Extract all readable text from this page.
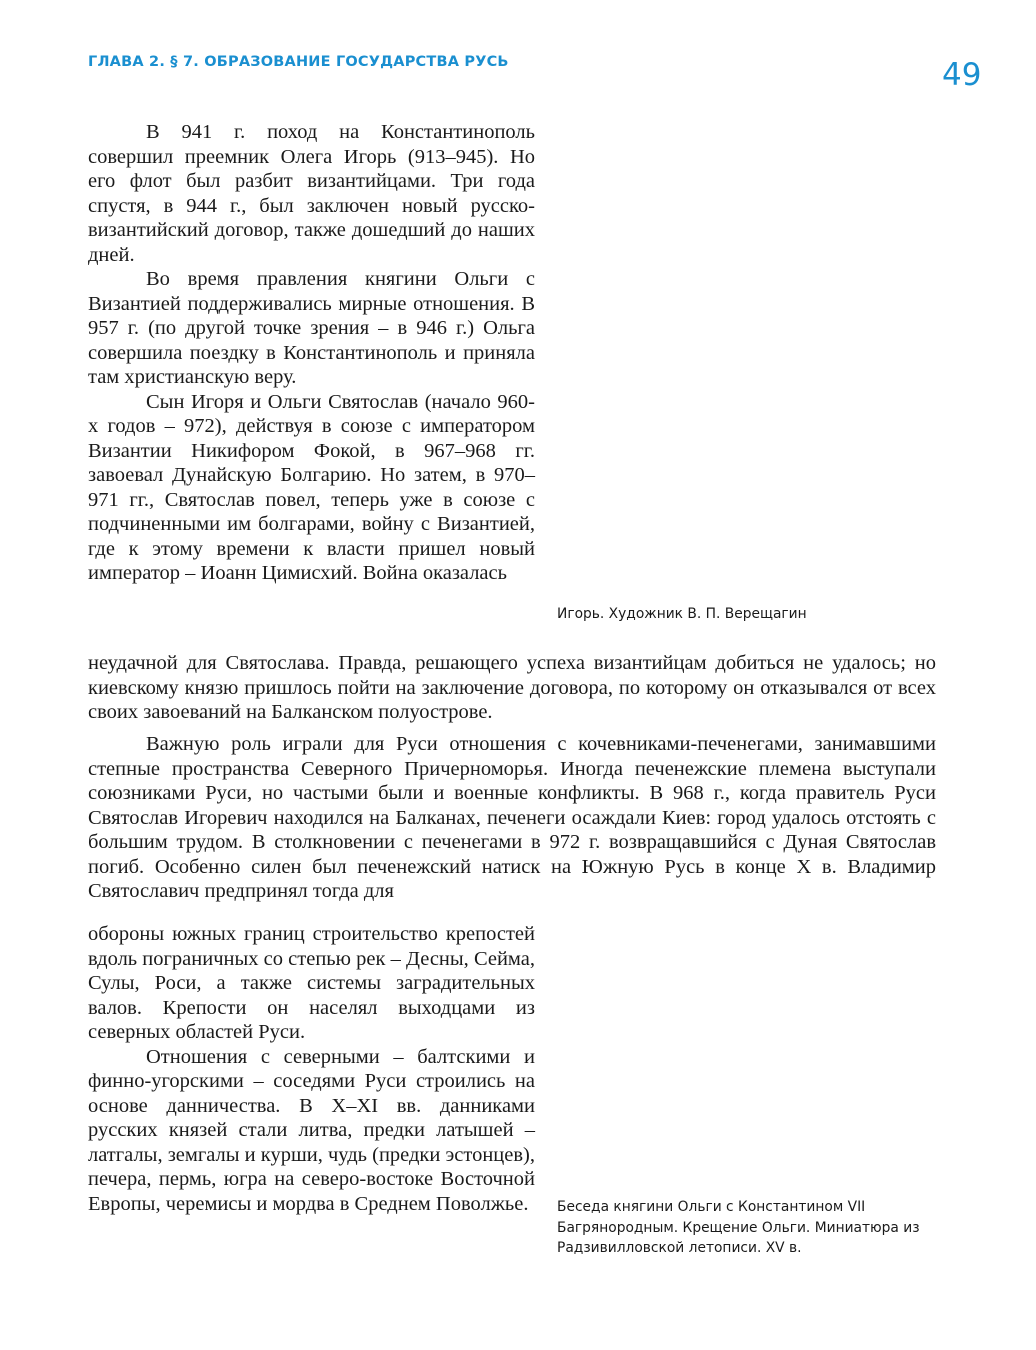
ГЛАВА 2. § 7. ОБРАЗОВАНИЕ ГОСУДАРСТВА РУСЬ	49

В 941 г. поход на Константинополь совершил преемник Олега Игорь (913–945). Но его флот был разбит византийцами. Три года спустя, в 944 г., был заключен новый русско-византийский договор, также дошедший до наших дней.

Во время правления княгини Ольги с Византией поддерживались мирные отношения. В 957 г. (по другой точке зрения – в 946 г.) Ольга совершила поездку в Константинополь и приняла там христианскую веру.

Сын Игоря и Ольги Святослав (начало 960-х годов – 972), действуя в союзе с императором Византии Никифором Фокой, в 967–968 гг. завоевал Дунайскую Болгарию. Но затем, в 970–971 гг., Святослав повел, теперь уже в союзе с подчиненными им болгарами, войну с Византией, где к этому времени к власти пришел новый император – Иоанн Цимисхий. Война оказалась

неудачной для Святослава. Правда, решающего успеха византийцам добиться не удалось; но киевскому князю пришлось пойти на заключение договора, по которому он отказывался от всех своих завоеваний на Балканском полуострове.

Важную роль играли для Руси отношения с кочевниками-печенегами, занимавшими степные пространства Северного Причерноморья. Иногда печенежские племена выступали союзниками Руси, но частыми были и военные конфликты. В 968 г., когда правитель Руси Святослав Игоревич находился на Балканах, печенеги осаждали Киев: город удалось отстоять с большим трудом. В столкновении с печенегами в 972 г. возвращавшийся с Дуная Святослав погиб. Особенно силен был печенежский натиск на Южную Русь в конце X в. Владимир Святославич предпринял тогда для

обороны южных границ строительство крепостей вдоль пограничных со степью рек – Десны, Сейма, Сулы, Роси, а также системы заградительных валов. Крепости он населял выходцами из северных областей Руси.

Отношения с северными – балтскими и финно-угорскими – соседями Руси строились на основе данничества. В X–XI вв. данниками русских князей стали литва, предки латышей – латгалы, земгалы и курши, чудь (предки эстонцев), печера, пермь, югра на северо-востоке Восточной Европы, черемисы и мордва в Среднем Поволжье.

Игорь. Художник В. П. Верещагин
Беседа княгини Ольги с Константином VII Багрянородным. Крещение Ольги. Миниатюра из Радзивилловской летописи. XV в.
